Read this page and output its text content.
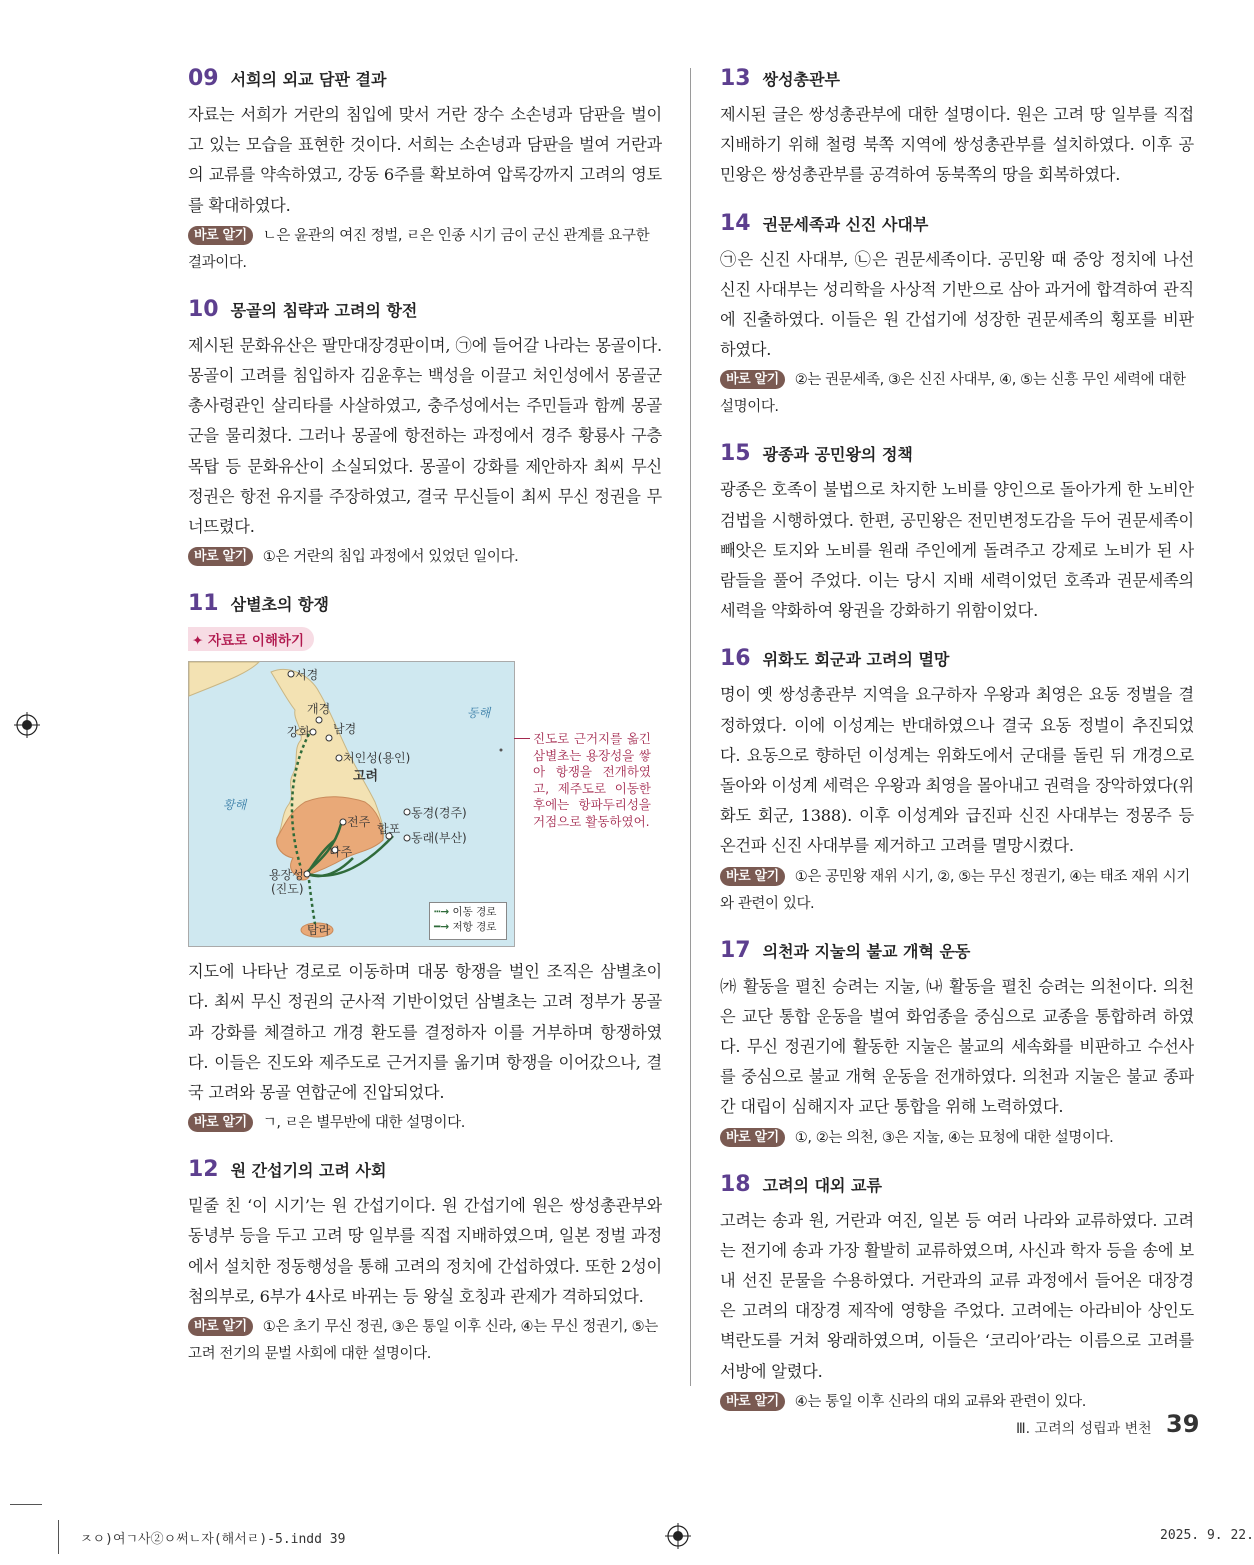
09 서희의 외교 담판 결과

자료는 서희가 거란의 침입에 맞서 거란 장수 소손녕과 담판을 벌이고 있는 모습을 표현한 것이다. 서희는 소손녕과 담판을 벌여 거란과의 교류를 약속하였고, 강동 6주를 확보하여 압록강까지 고려의 영토를 확대하였다.

바로 알기 ㄴ은 윤관의 여진 정벌, ㄹ은 인종 시기 금이 군신 관계를 요구한 결과이다.
10 몽골의 침략과 고려의 항전

제시된 문화유산은 팔만대장경판이며, ㉠에 들어갈 나라는 몽골이다. 몽골이 고려를 침입하자 김윤후는 백성을 이끌고 처인성에서 몽골군 총사령관인 살리타를 사살하였고, 충주성에서는 주민들과 함께 몽골군을 물리쳤다. 그러나 몽골에 항전하는 과정에서 경주 황룡사 구층 목탑 등 문화유산이 소실되었다. 몽골이 강화를 제안하자 최씨 무신 정권은 항전 유지를 주장하였고, 결국 무신들이 최씨 무신 정권을 무너뜨렸다.

바로 알기 ①은 거란의 침입 과정에서 있었던 일이다.
11 삼별초의 항쟁
✦ 자료로 이해하기
서경
개경
강화 남경
처인성(용인)
고려
동해
황해
동경(경주)
전주 합포
동래(부산)
나주
용장성
(진도)
탐라
┅→ 이동 경로
━→ 저항 경로
진도로 근거지를 옮긴 삼별초는 용장성을 쌓아 항쟁을 전개하였고, 제주도로 이동한 후에는 항파두리성을 거점으로 활동하였어.

지도에 나타난 경로로 이동하며 대몽 항쟁을 벌인 조직은 삼별초이다. 최씨 무신 정권의 군사적 기반이었던 삼별초는 고려 정부가 몽골과 강화를 체결하고 개경 환도를 결정하자 이를 거부하며 항쟁하였다. 이들은 진도와 제주도로 근거지를 옮기며 항쟁을 이어갔으나, 결국 고려와 몽골 연합군에 진압되었다.

바로 알기 ㄱ, ㄹ은 별무반에 대한 설명이다.
12 원 간섭기의 고려 사회

밑줄 친 ‘이 시기’는 원 간섭기이다. 원 간섭기에 원은 쌍성총관부와 동녕부 등을 두고 고려 땅 일부를 직접 지배하였으며, 일본 정벌 과정에서 설치한 정동행성을 통해 고려의 정치에 간섭하였다. 또한 2성이 첨의부로, 6부가 4사로 바뀌는 등 왕실 호칭과 관제가 격하되었다.

바로 알기 ①은 초기 무신 정권, ③은 통일 이후 신라, ④는 무신 정권기, ⑤는 고려 전기의 문벌 사회에 대한 설명이다.
13 쌍성총관부

제시된 글은 쌍성총관부에 대한 설명이다. 원은 고려 땅 일부를 직접 지배하기 위해 철령 북쪽 지역에 쌍성총관부를 설치하였다. 이후 공민왕은 쌍성총관부를 공격하여 동북쪽의 땅을 회복하였다.

14 권문세족과 신진 사대부

㉠은 신진 사대부, ㉡은 권문세족이다. 공민왕 때 중앙 정치에 나선 신진 사대부는 성리학을 사상적 기반으로 삼아 과거에 합격하여 관직에 진출하였다. 이들은 원 간섭기에 성장한 권문세족의 횡포를 비판하였다.

바로 알기 ②는 권문세족, ③은 신진 사대부, ④, ⑤는 신흥 무인 세력에 대한 설명이다.
15 광종과 공민왕의 정책

광종은 호족이 불법으로 차지한 노비를 양인으로 돌아가게 한 노비안검법을 시행하였다. 한편, 공민왕은 전민변정도감을 두어 권문세족이 빼앗은 토지와 노비를 원래 주인에게 돌려주고 강제로 노비가 된 사람들을 풀어 주었다. 이는 당시 지배 세력이었던 호족과 권문세족의 세력을 약화하여 왕권을 강화하기 위함이었다.

16 위화도 회군과 고려의 멸망

명이 옛 쌍성총관부 지역을 요구하자 우왕과 최영은 요동 정벌을 결정하였다. 이에 이성계는 반대하였으나 결국 요동 정벌이 추진되었다. 요동으로 향하던 이성계는 위화도에서 군대를 돌린 뒤 개경으로 돌아와 이성계 세력은 우왕과 최영을 몰아내고 권력을 장악하였다(위화도 회군, 1388). 이후 이성계와 급진파 신진 사대부는 정몽주 등 온건파 신진 사대부를 제거하고 고려를 멸망시켰다.

바로 알기 ①은 공민왕 재위 시기, ②, ⑤는 무신 정권기, ④는 태조 재위 시기와 관련이 있다.
17 의천과 지눌의 불교 개혁 운동

㈎ 활동을 펼친 승려는 지눌, ㈏ 활동을 펼친 승려는 의천이다. 의천은 교단 통합 운동을 벌여 화엄종을 중심으로 교종을 통합하려 하였다. 무신 정권기에 활동한 지눌은 불교의 세속화를 비판하고 수선사를 중심으로 불교 개혁 운동을 전개하였다. 의천과 지눌은 불교 종파 간 대립이 심해지자 교단 통합을 위해 노력하였다.

바로 알기 ①, ②는 의천, ③은 지눌, ④는 묘청에 대한 설명이다.
18 고려의 대외 교류

고려는 송과 원, 거란과 여진, 일본 등 여러 나라와 교류하였다. 고려는 전기에 송과 가장 활발히 교류하였으며, 사신과 학자 등을 송에 보내 선진 문물을 수용하였다. 거란과의 교류 과정에서 들어온 대장경은 고려의 대장경 제작에 영향을 주었다. 고려에는 아라비아 상인도 벽란도를 거쳐 왕래하였으며, 이들은 ‘코리아’라는 이름으로 고려를 서방에 알렸다.

바로 알기 ④는 통일 이후 신라의 대외 교류와 관련이 있다.
Ⅲ. 고려의 성립과 변천 39
ㅈㅇ)여ㄱ사②ㅇ써ㄴ자(해서ㄹ)-5.indd 39	2025. 9. 22.
